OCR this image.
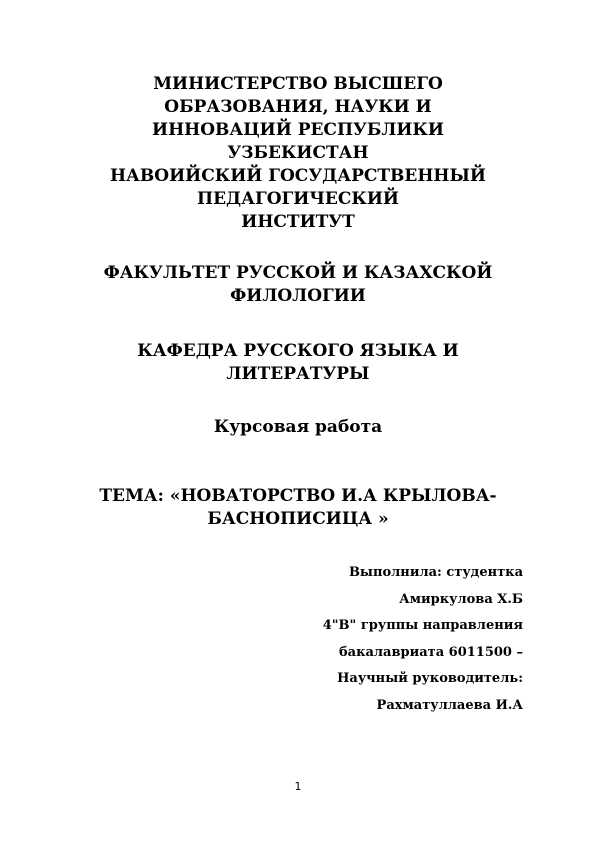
МИНИСТЕРСТВО ВЫСШЕГО
ОБРАЗОВАНИЯ, НАУКИ И
ИННОВАЦИЙ РЕСПУБЛИКИ
УЗБЕКИСТАН
НАВОИЙСКИЙ ГОСУДАРСТВЕННЫЙ
ПЕДАГОГИЧЕСКИЙ
ИНСТИТУТ
ФАКУЛЬТЕТ РУССКОЙ И КАЗАХСКОЙ
ФИЛОЛОГИИ
КАФЕДРА РУССКОГО ЯЗЫКА И
ЛИТЕРАТУРЫ
Курсовая работа
ТЕМА: «НОВАТОРСТВО И.А КРЫЛОВА-
БАСНОПИСИЦА »
Выполнила: студентка
Амиркулова Х.Б
4"В" группы направления
бакалавриата 6011500 –
Научный руководитель:
Рахматуллаева И.А
1
